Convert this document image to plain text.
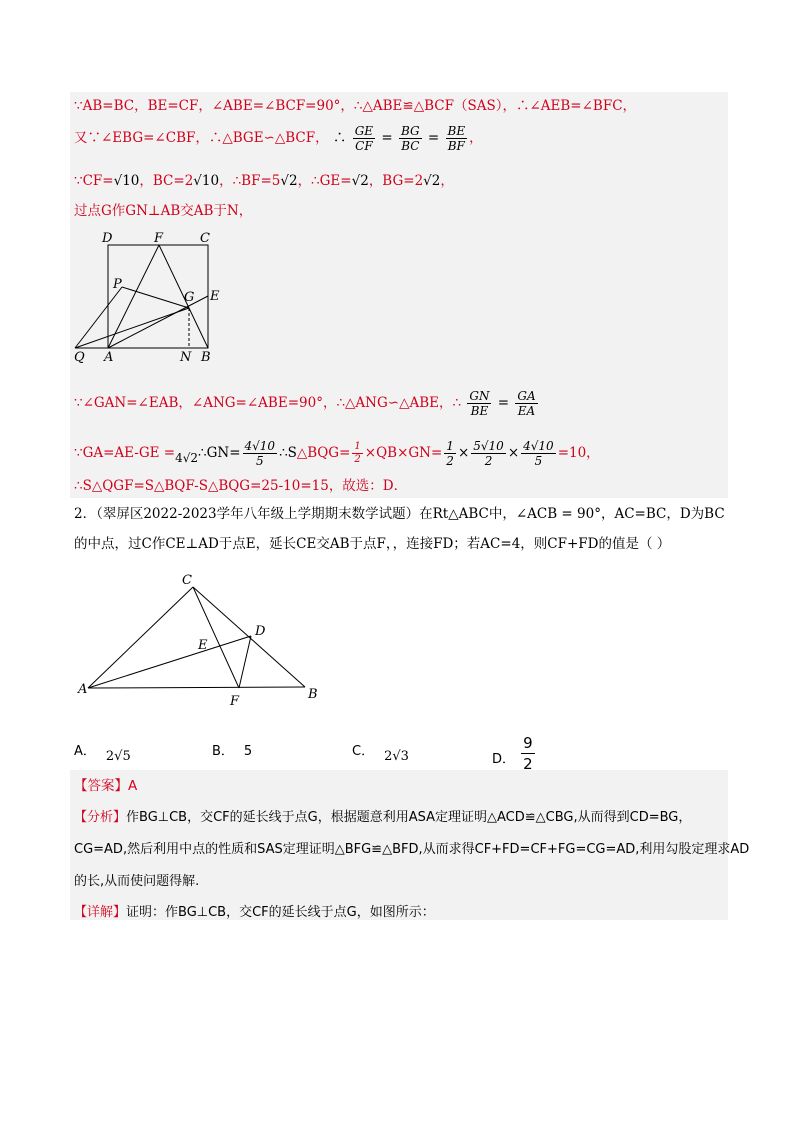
∵AB=BC，BE=CF，∠ABE=∠BCF=90°，∴△ABE≌△BCF（SAS），∴∠AEB=∠BFC，
又∵∠EBG=∠CBF，∴△BGE∽△BCF， ∴ $\frac{GE}{CF} = \frac{BG}{BC} = \frac{BE}{BF}$ ，
∵CF=√10，BC=2√10，∴BF=5√2，∴GE=√2，BG=2√2，
过点G作GN⊥AB交AB于N，
D	F	C
P
G E
Q A	N B
∵∠GAN=∠EAB，∠ANG=∠ABE=90°，∴△ANG∽△ABE，∴ $\frac{GN}{BE} = \frac{GA}{EA}$
∵GA=AE-GE =4√2∴GN= $\frac{4√10}{5}$ ∴S△BQG= $\frac{1}{2} \times QB\times GN= \frac{1}{2} \times \frac{5√10}{2} \times \frac{4√10}{5} =10$，
∴S△QGF=S△BQF-S△BQG=25-10=15，故选：D．
2．（翠屏区2022-2023学年八年级上学期期末数学试题）在Rt△ABC中，∠ACB = 90°，AC=BC，D为BC
的中点，过C作CE⊥AD于点E，延长CE交AB于点F，，连接FD；若AC=4，则CF+FD的值是（ ）
C
D
E
A
F	B
A． 2√5	B． 5	C． 2√3	D． $\frac{9}{2}$
【答案】A
【分析】作BG⊥CB，交CF的延长线于点G，根据题意利用ASA定理证明△ACD≌△CBG,从而得到CD=BG，
CG=AD,然后利用中点的性质和SAS定理证明△BFG≌△BFD,从而求得CF+FD=CF+FG=CG=AD,利用勾股定理求AD
的长,从而使问题得解.
【详解】证明：作BG⊥CB，交CF的延长线于点G，如图所示：
